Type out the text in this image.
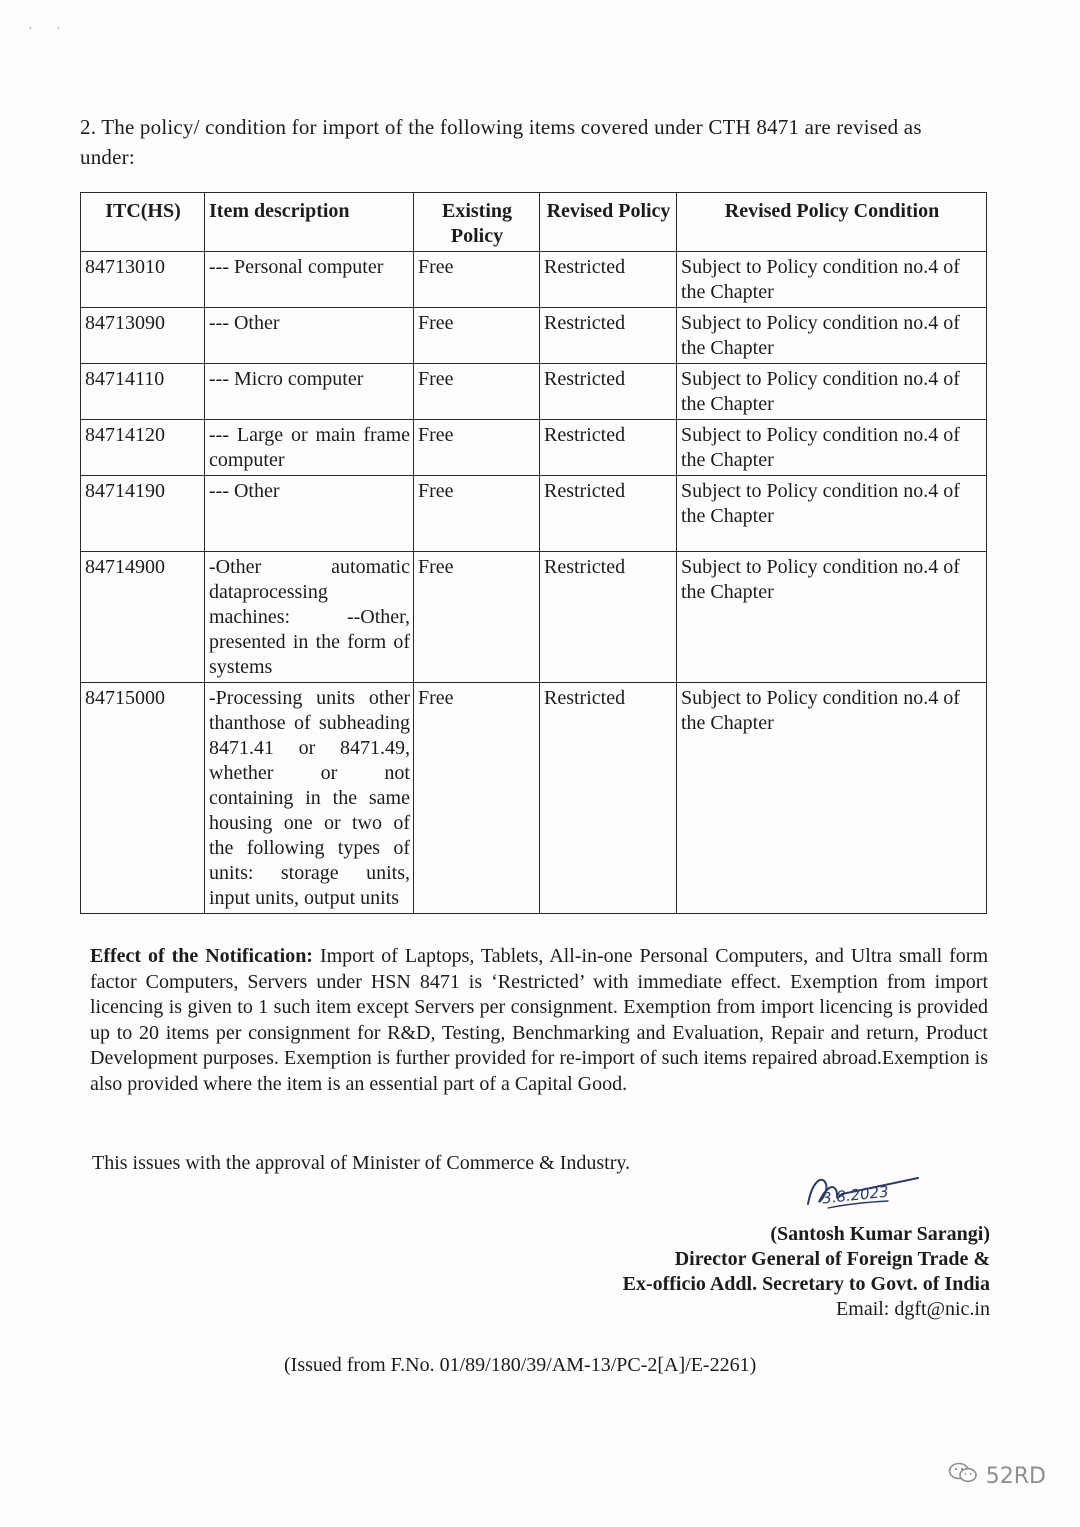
· ·

2. The policy/ condition for import of the following items covered under CTH 8471 are revised as under:

ITC(HS)	Item description	Existing Policy	Revised Policy	Revised Policy Condition
84713010	--- Personal computer	Free	Restricted	Subject to Policy condition no.4 of the Chapter
84713090	--- Other	Free	Restricted	Subject to Policy condition no.4 of the Chapter
84714110	--- Micro computer	Free	Restricted	Subject to Policy condition no.4 of the Chapter
84714120	--- Large or main frame computer	Free	Restricted	Subject to Policy condition no.4 of the Chapter
84714190	--- Other	Free	Restricted	Subject to Policy condition no.4 of the Chapter
84714900	-Other automatic dataprocessing machines: --Other, presented in the form of systems	Free	Restricted	Subject to Policy condition no.4 of the Chapter
84715000	-Processing units other thanthose of subheading 8471.41 or 8471.49, whether or not containing in the same housing one or two of the following types of units: storage units, input units, output units	Free	Restricted	Subject to Policy condition no.4 of the Chapter

Effect of the Notification: Import of Laptops, Tablets, All-in-one Personal Computers, and Ultra small form factor Computers, Servers under HSN 8471 is ‘Restricted’ with immediate effect. Exemption from import licencing is given to 1 such item except Servers per consignment. Exemption from import licencing is provided up to 20 items per consignment for R&D, Testing, Benchmarking and Evaluation, Repair and return, Product Development purposes. Exemption is further provided for re-import of such items repaired abroad.Exemption is also provided where the item is an essential part of a Capital Good.

This issues with the approval of Minister of Commerce & Industry.

3.8.2023
(Santosh Kumar Sarangi)
Director General of Foreign Trade &
Ex-officio Addl. Secretary to Govt. of India
Email: dgft@nic.in

(Issued from F.No. 01/89/180/39/AM-13/PC-2[A]/E-2261)

52RD
